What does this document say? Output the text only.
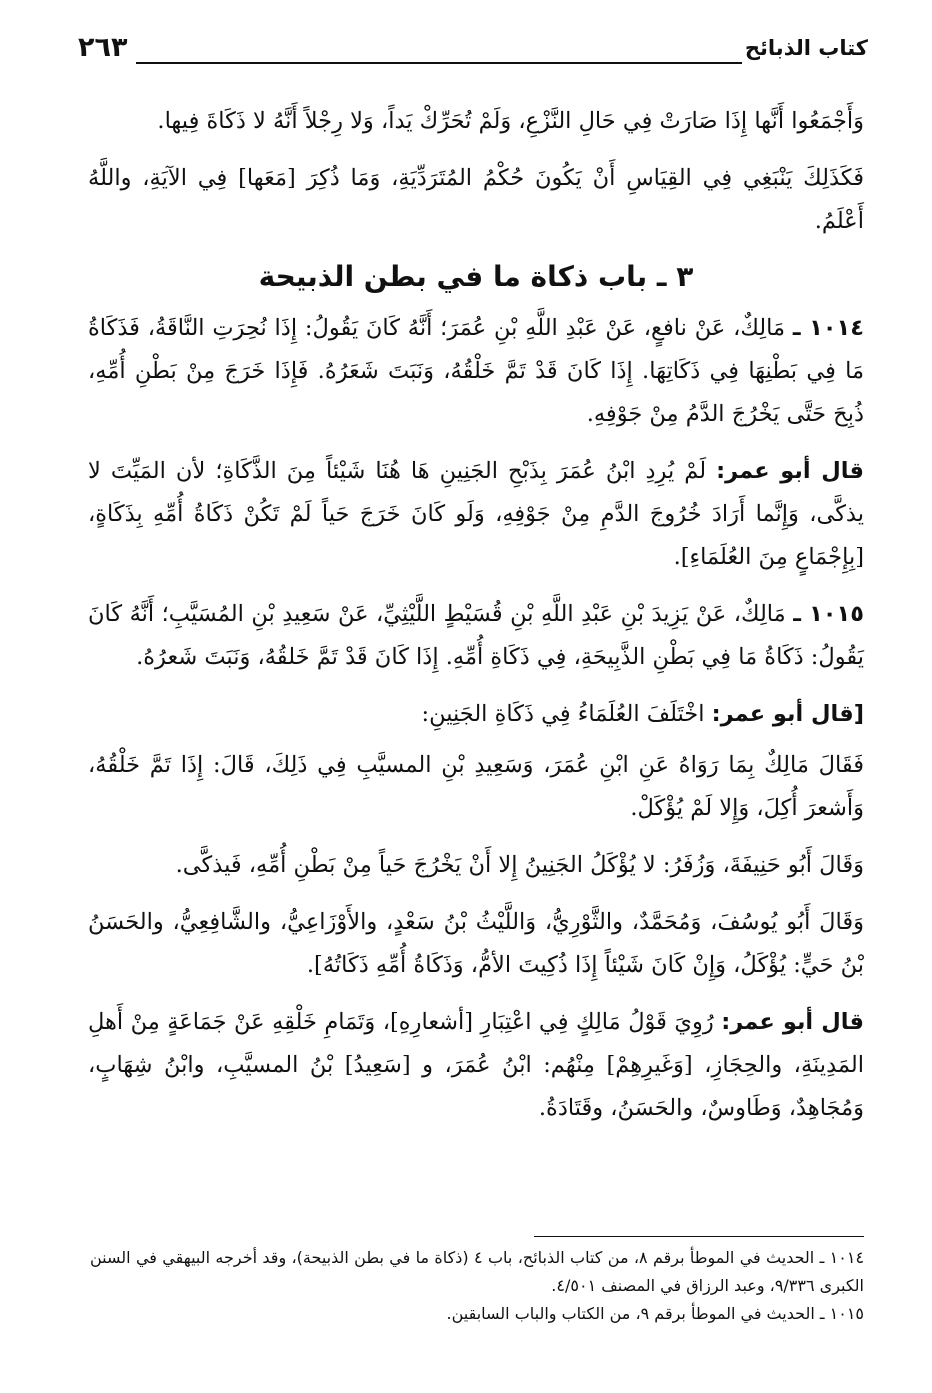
كتاب الذبائح
٢٦٣

وَأَجْمَعُوا أَنَّها إِذَا صَارَتْ فِي حَالِ النَّزْعِ، وَلَمْ تُحَرِّكْ يَداً، وَلا رِجْلاً أَنَّهُ لا ذَكَاةَ فِيها.

فَكَذَلِكَ يَنْبَغِي فِي القِيَاسِ أَنْ يَكُونَ حُكْمُ المُتَرَدِّيَةِ، وَمَا ذُكِرَ [مَعَها] فِي الآيَةِ، واللَّهُ أَعْلَمُ.

٣ ـ باب ذكاة ما في بطن الذبيحة

١٠١٤ ـ مَالِكٌ، عَنْ نافعٍ، عَنْ عَبْدِ اللَّهِ بْنِ عُمَرَ؛ أَنَّهُ كَانَ يَقُولُ: إِذَا نُحِرَتِ النَّاقَةُ، فَذَكَاةُ مَا فِي بَطْنِهَا فِي ذَكَاتِهَا. إِذَا كَانَ قَدْ تَمَّ خَلْقُهُ، وَنَبَتَ شَعَرُهُ. فَإِذَا خَرَجَ مِنْ بَطْنِ أُمِّهِ، ذُبِحَ حَتَّى يَخْرُجَ الدَّمُ مِنْ جَوْفِهِ.

قال أبو عمر: لَمْ يُرِدِ ابْنُ عُمَرَ بِذَبْحِ الجَنِينِ هَا هُنَا شَيْئاً مِنَ الذَّكَاةِ؛ لأن المَيِّتَ لا يذكَّى، وَإِنَّما أَرَادَ خُرُوجَ الدَّمِ مِنْ جَوْفِهِ، وَلَو كَانَ خَرَجَ حَياً لَمْ تَكُنْ ذَكَاةُ أُمِّهِ بِذَكَاةٍ، [بِإِجْمَاعٍ مِنَ العُلَمَاءِ].

١٠١٥ ـ مَالِكٌ، عَنْ يَزِيدَ بْنِ عَبْدِ اللَّهِ بْنِ قُسَيْطٍ اللَّيْثِيِّ، عَنْ سَعِيدِ بْنِ المُسَيَّبِ؛ أَنَّهُ كَانَ يَقُولُ: ذَكَاةُ مَا فِي بَطْنِ الذَّبِيحَةِ، فِي ذَكَاةِ أُمِّهِ. إِذَا كَانَ قَدْ تَمَّ خَلقُهُ، وَنَبَتَ شَعرُهُ.

[قال أبو عمر: اخْتَلَفَ العُلَمَاءُ فِي ذَكَاةِ الجَنِينِ:

فَقَالَ مَالِكٌ بِمَا رَوَاهُ عَنِ ابْنِ عُمَرَ، وَسَعِيدِ بْنِ المسيَّبِ فِي ذَلِكَ، قَالَ: إِذَا تَمَّ خَلْقُهُ، وَأَشعرَ أُكِلَ، وَإِلا لَمْ يُؤْكَلْ.

وَقَالَ أَبُو حَنِيفَةَ، وَزُفَرُ: لا يُؤْكَلُ الجَنِينُ إِلا أَنْ يَخْرُجَ حَياً مِنْ بَطْنِ أُمِّهِ، فَيذكَّى.

وَقَالَ أَبُو يُوسُفَ، وَمُحَمَّدٌ، والثَّوْرِيُّ، وَاللَّيْثُ بْنُ سَعْدٍ، والأَوْزَاعِيُّ، والشَّافِعِيُّ، والحَسَنُ بْنُ حَيٍّ: يُؤْكَلُ، وَإِنْ كَانَ شَيْئاً إِذَا ذُكِيتَ الأمُّ، وَذَكَاةُ أُمِّهِ ذَكَاتُهُ].

قال أبو عمر: رُوِيَ قَوْلُ مَالِكٍ فِي اعْتِبَارِ [أشعارِهِ]، وَتَمَامِ خَلْقِهِ عَنْ جَمَاعَةٍ مِنْ أَهلِ المَدِينَةِ، والحِجَازِ، [وَغَيرِهِمْ] مِنْهُم: ابْنُ عُمَرَ، و [سَعِيدُ] بْنُ المسيَّبِ، وابْنُ شِهَابٍ، وَمُجَاهِدٌ، وَطَاوسٌ، والحَسَنُ، وقَتَادَةُ.

١٠١٤ ـ الحديث في الموطأ برقم ٨، من كتاب الذبائح، باب ٤ (ذكاة ما في بطن الذبيحة)، وقد أخرجه البيهقي في السنن الكبرى ٩/٣٣٦، وعبد الرزاق في المصنف ٤/٥٠١.

١٠١٥ ـ الحديث في الموطأ برقم ٩، من الكتاب والباب السابقين.
